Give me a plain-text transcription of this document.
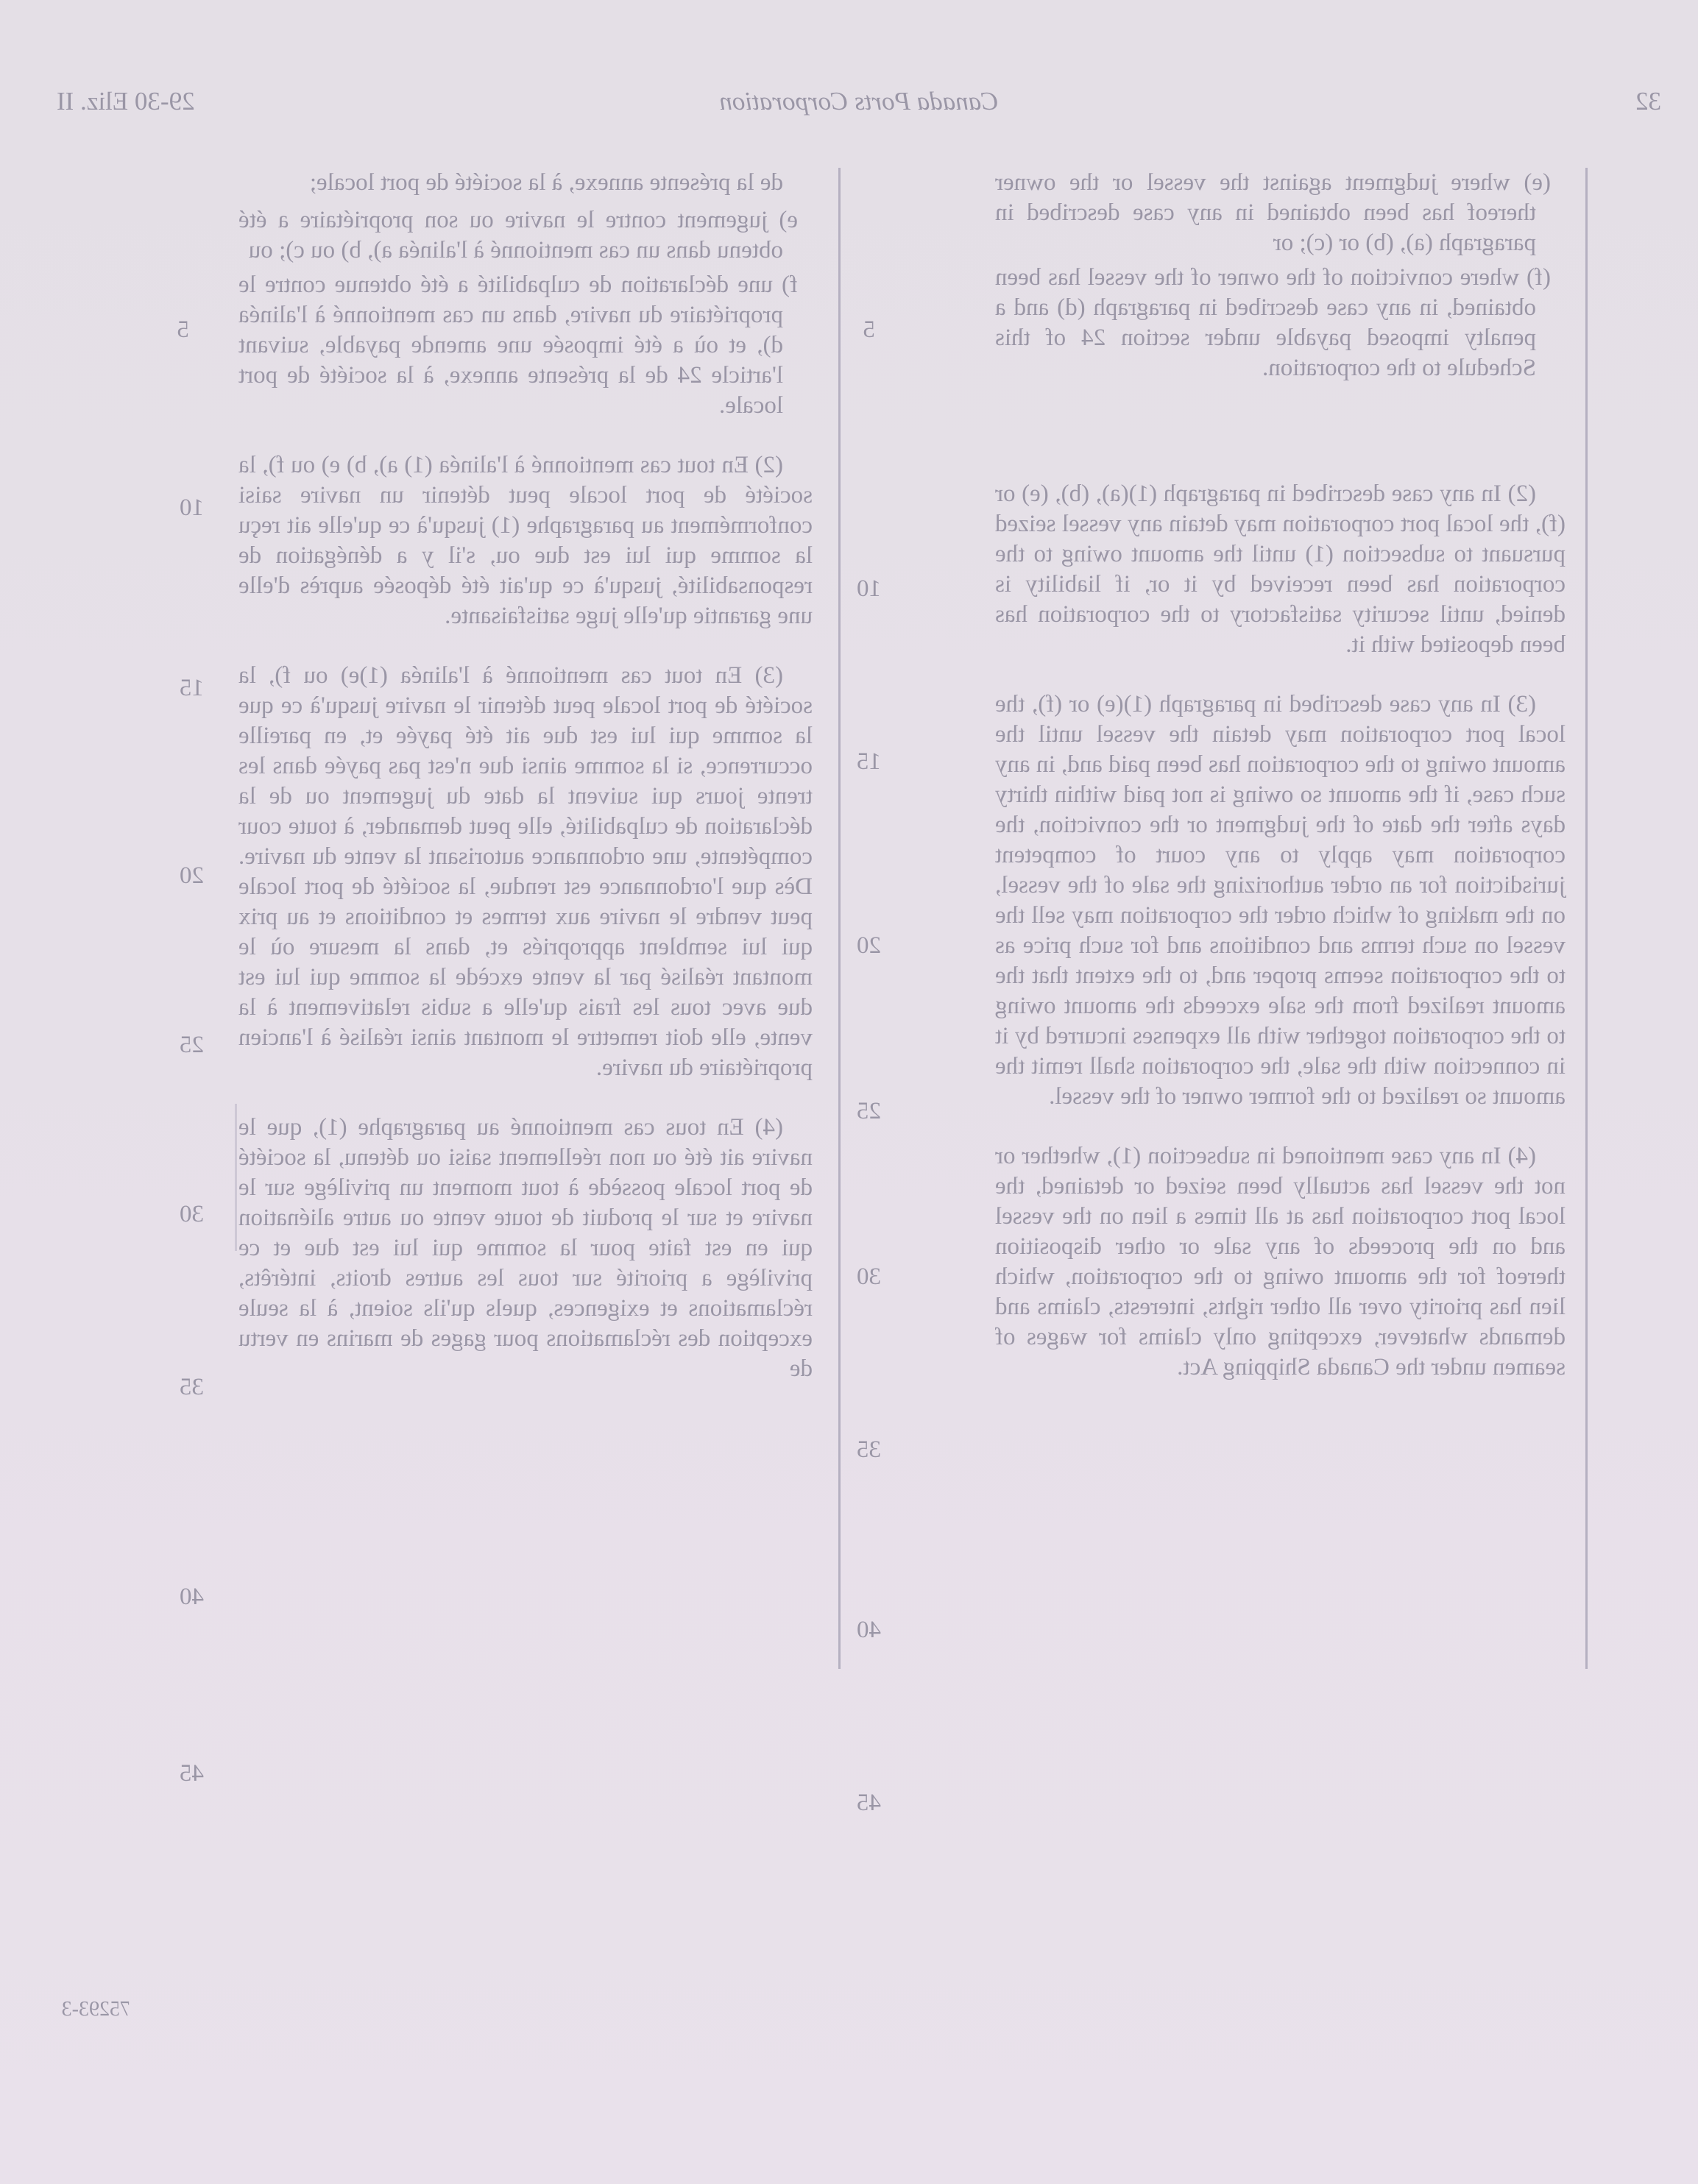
32
Canada Ports Corporation
29-30 Eliz. II

(e) where judgment against the vessel or the owner thereof has been obtained in any case described in paragraph (a), (b) or (c); or

(f) where conviction of the owner of the vessel has been obtained, in any case described in paragraph (d) and a penalty imposed payable under section 24 of this Schedule to the corporation.

(2) In any case described in paragraph (1)(a), (b), (e) or (f), the local port corporation may detain any vessel seized pursuant to subsection (1) until the amount owing to the corporation has been received by it or, if liability is denied, until security satisfactory to the corporation has been deposited with it.

(3) In any case described in paragraph (1)(e) or (f), the local port corporation may detain the vessel until the amount owing to the corporation has been paid and, in any such case, if the amount so owing is not paid within thirty days after the date of the judgment or the conviction, the corporation may apply to any court of competent jurisdiction for an order authorizing the sale of the vessel, on the making of which order the corporation may sell the vessel on such terms and conditions and for such price as to the corporation seems proper and, to the extent that the amount realized from the sale exceeds the amount owing to the corporation together with all expenses incurred by it in connection with the sale, the corporation shall remit the amount so realized to the former owner of the vessel.

(4) In any case mentioned in subsection (1), whether or not the vessel has actually been seized or detained, the local port corporation has at all times a lien on the vessel and on the proceeds of any sale or other disposition thereof for the amount owing to the corporation, which lien has priority over all other rights, interests, claims and demands whatever, excepting only claims for wages of seamen under the Canada Shipping Act.

5
10
15
20
25
30
35
40
45

de la présente annexe, à la société de port locale;

e) jugement contre le navire ou son propriétaire a été obtenu dans un cas mentionné à l'alinéa a), b) ou c); ou

f) une déclaration de culpabilité a été obtenue contre le propriétaire du navire, dans un cas mentionné à l'alinéa d), et où a été imposée une amende payable, suivant l'article 24 de la présente annexe, à la société de port locale.

(2) En tout cas mentionné à l'alinéa (1) a), b) e) ou f), la société de port locale peut détenir un navire saisi conformément au paragraphe (1) jusqu'à ce qu'elle ait reçu la somme qui lui est due ou, s'il y a dénégation de responsabilité, jusqu'à ce qu'ait été déposée auprès d'elle une garantie qu'elle juge satisfaisante.

(3) En tout cas mentionné à l'alinéa (1)e) ou f), la société de port locale peut détenir le navire jusqu'à ce que la somme qui lui est due ait été payée et, en pareille occurrence, si la somme ainsi due n'est pas payée dans les trente jours qui suivent la date du jugement ou de la déclaration de culpabilité, elle peut demander, à toute cour compétente, une ordonnance autorisant la vente du navire. Dès que l'ordonnance est rendue, la société de port locale peut vendre le navire aux termes et conditions et au prix qui lui semblent appropriés et, dans la mesure où le montant réalisé par la vente excède la somme qui lui est due avec tous les frais qu'elle a subis relativement à la vente, elle doit remettre le montant ainsi réalisé à l'ancien propriétaire du navire.

(4) En tous cas mentionné au paragraphe (1), que le navire ait été ou non réellement saisi ou détenu, la société de port locale possède à tout moment un privilège sur le navire et sur le produit de toute vente ou autre aliénation qui en est faite pour la somme qui lui est due et ce privilège a priorité sur tous les autres droits, intérêts, réclamations et exigences, quels qu'ils soient, à la seule exception des réclamations pour gages de marins en vertu de

5
10
15
20
25
30
35
40
45
75293-3
